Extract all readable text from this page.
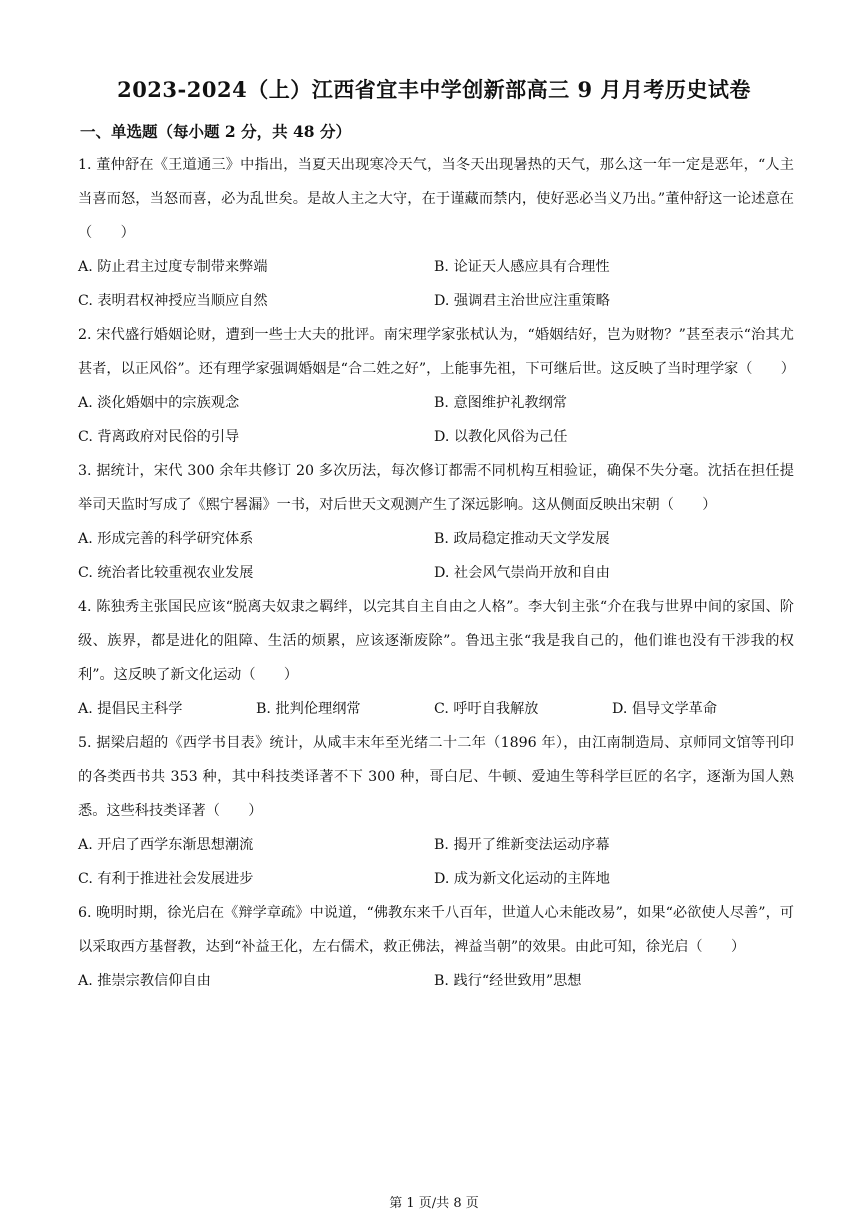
2023-2024（上）江西省宜丰中学创新部高三 9 月月考历史试卷
一、单选题（每小题 2 分，共 48 分）
1. 董仲舒在《王道通三》中指出，当夏天出现寒冷天气，当冬天出现暑热的天气，那么这一年一定是恶年，“人主当喜而怒，当怒而喜，必为乱世矣。是故人主之大守，在于谨藏而禁内，使好恶必当义乃出。”董仲舒这一论述意在（　　）
A. 防止君主过度专制带来弊端	B. 论证天人感应具有合理性
C. 表明君权神授应当顺应自然	D. 强调君主治世应注重策略
2. 宋代盛行婚姻论财，遭到一些士大夫的批评。南宋理学家张栻认为，“婚姻结好，岂为财物？”甚至表示“治其尤甚者，以正风俗”。还有理学家强调婚姻是“合二姓之好”，上能事先祖，下可继后世。这反映了当时理学家（　　）
A. 淡化婚姻中的宗族观念	B. 意图维护礼教纲常
C. 背离政府对民俗的引导	D. 以教化风俗为己任
3. 据统计，宋代 300 余年共修订 20 多次历法，每次修订都需不同机构互相验证，确保不失分毫。沈括在担任提举司天监时写成了《熙宁晷漏》一书，对后世天文观测产生了深远影响。这从侧面反映出宋朝（　　）
A. 形成完善的科学研究体系	B. 政局稳定推动天文学发展
C. 统治者比较重视农业发展	D. 社会风气崇尚开放和自由
4. 陈独秀主张国民应该“脱离夫奴隶之羁绊，以完其自主自由之人格”。李大钊主张“介在我与世界中间的家国、阶级、族界，都是进化的阻障、生活的烦累，应该逐渐废除”。鲁迅主张“我是我自己的，他们谁也没有干涉我的权利”。这反映了新文化运动（　　）
A. 提倡民主科学	B. 批判伦理纲常	C. 呼吁自我解放	D. 倡导文学革命
5. 据梁启超的《西学书目表》统计，从咸丰末年至光绪二十二年（1896 年），由江南制造局、京师同文馆等刊印的各类西书共 353 种，其中科技类译著不下 300 种，哥白尼、牛顿、爱迪生等科学巨匠的名字，逐渐为国人熟悉。这些科技类译著（　　）
A. 开启了西学东渐思想潮流	B. 揭开了维新变法运动序幕
C. 有利于推进社会发展进步	D. 成为新文化运动的主阵地
6. 晚明时期，徐光启在《辩学章疏》中说道，“佛教东来千八百年，世道人心未能改易”，如果“必欲使人尽善”，可以采取西方基督教，达到“补益王化，左右儒术，救正佛法，裨益当朝”的效果。由此可知，徐光启（　　）
A. 推崇宗教信仰自由	B. 践行“经世致用”思想
第 1 页/共 8 页
